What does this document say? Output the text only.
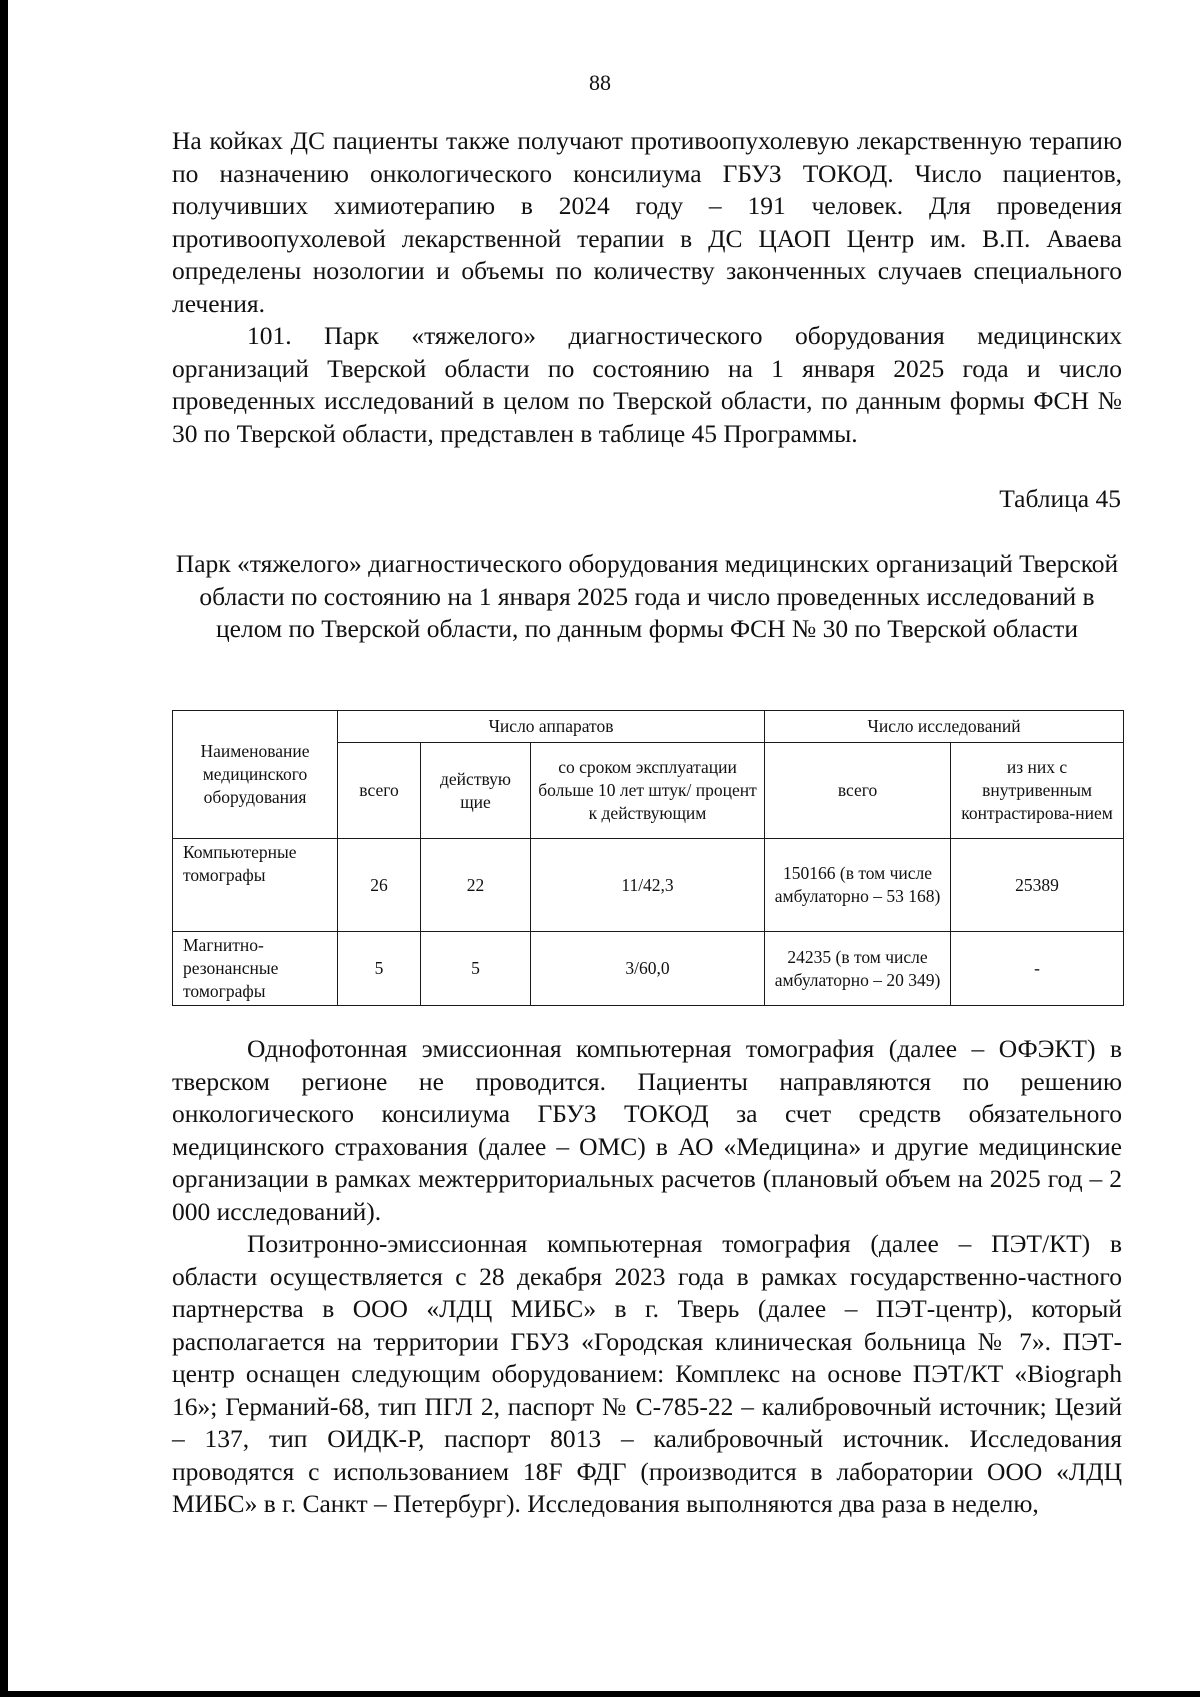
88

На койках ДС пациенты также получают противоопухолевую лекарственную терапию по назначению онкологического консилиума ГБУЗ ТОКОД. Число пациентов, получивших химиотерапию в 2024 году – 191 человек. Для проведения противоопухолевой лекарственной терапии в ДС ЦАОП Центр им. В.П. Аваева определены нозологии и объемы по количеству законченных случаев специального лечения.

101. Парк «тяжелого» диагностического оборудования медицинских организаций Тверской области по состоянию на 1 января 2025 года и число проведенных исследований в целом по Тверской области, по данным формы ФСН № 30 по Тверской области, представлен в таблице 45 Программы.

Таблица 45

Парк «тяжелого» диагностического оборудования медицинских организаций Тверской области по состоянию на 1 января 2025 года и число проведенных исследований в целом по Тверской области, по данным формы ФСН № 30 по Тверской области

Наименование медицинского оборудования	Число аппаратов			Число исследований	
	всего	действую щие	со сроком эксплуатации больше 10 лет штук/ процент к действующим	всего	из них с внутривенным контрастирова-нием
Компьютерные томографы	26	22	11/42,3	150166 (в том числе амбулаторно – 53 168)	25389
Магнитно-резонансные томографы	5	5	3/60,0	24235 (в том числе амбулаторно – 20 349)	-

Однофотонная эмиссионная компьютерная томография (далее – ОФЭКТ) в тверском регионе не проводится. Пациенты направляются по решению онкологического консилиума ГБУЗ ТОКОД за счет средств обязательного медицинского страхования (далее – ОМС) в АО «Медицина» и другие медицинские организации в рамках межтерриториальных расчетов (плановый объем на 2025 год – 2 000 исследований).

Позитронно-эмиссионная компьютерная томография (далее – ПЭТ/КТ) в области осуществляется с 28 декабря 2023 года в рамках государственно-частного партнерства в ООО «ЛДЦ МИБС» в г. Тверь (далее – ПЭТ-центр), который располагается на территории ГБУЗ «Городская клиническая больница № 7». ПЭТ-центр оснащен следующим оборудованием: Комплекс на основе ПЭТ/КТ «Biograph 16»; Германий-68, тип ПГЛ 2, паспорт № С-785-22 – калибровочный источник; Цезий – 137, тип ОИДК-Р, паспорт 8013 – калибровочный источник. Исследования проводятся с использованием 18F ФДГ (производится в лаборатории ООО «ЛДЦ МИБС» в г. Санкт – Петербург). Исследования выполняются два раза в неделю,
